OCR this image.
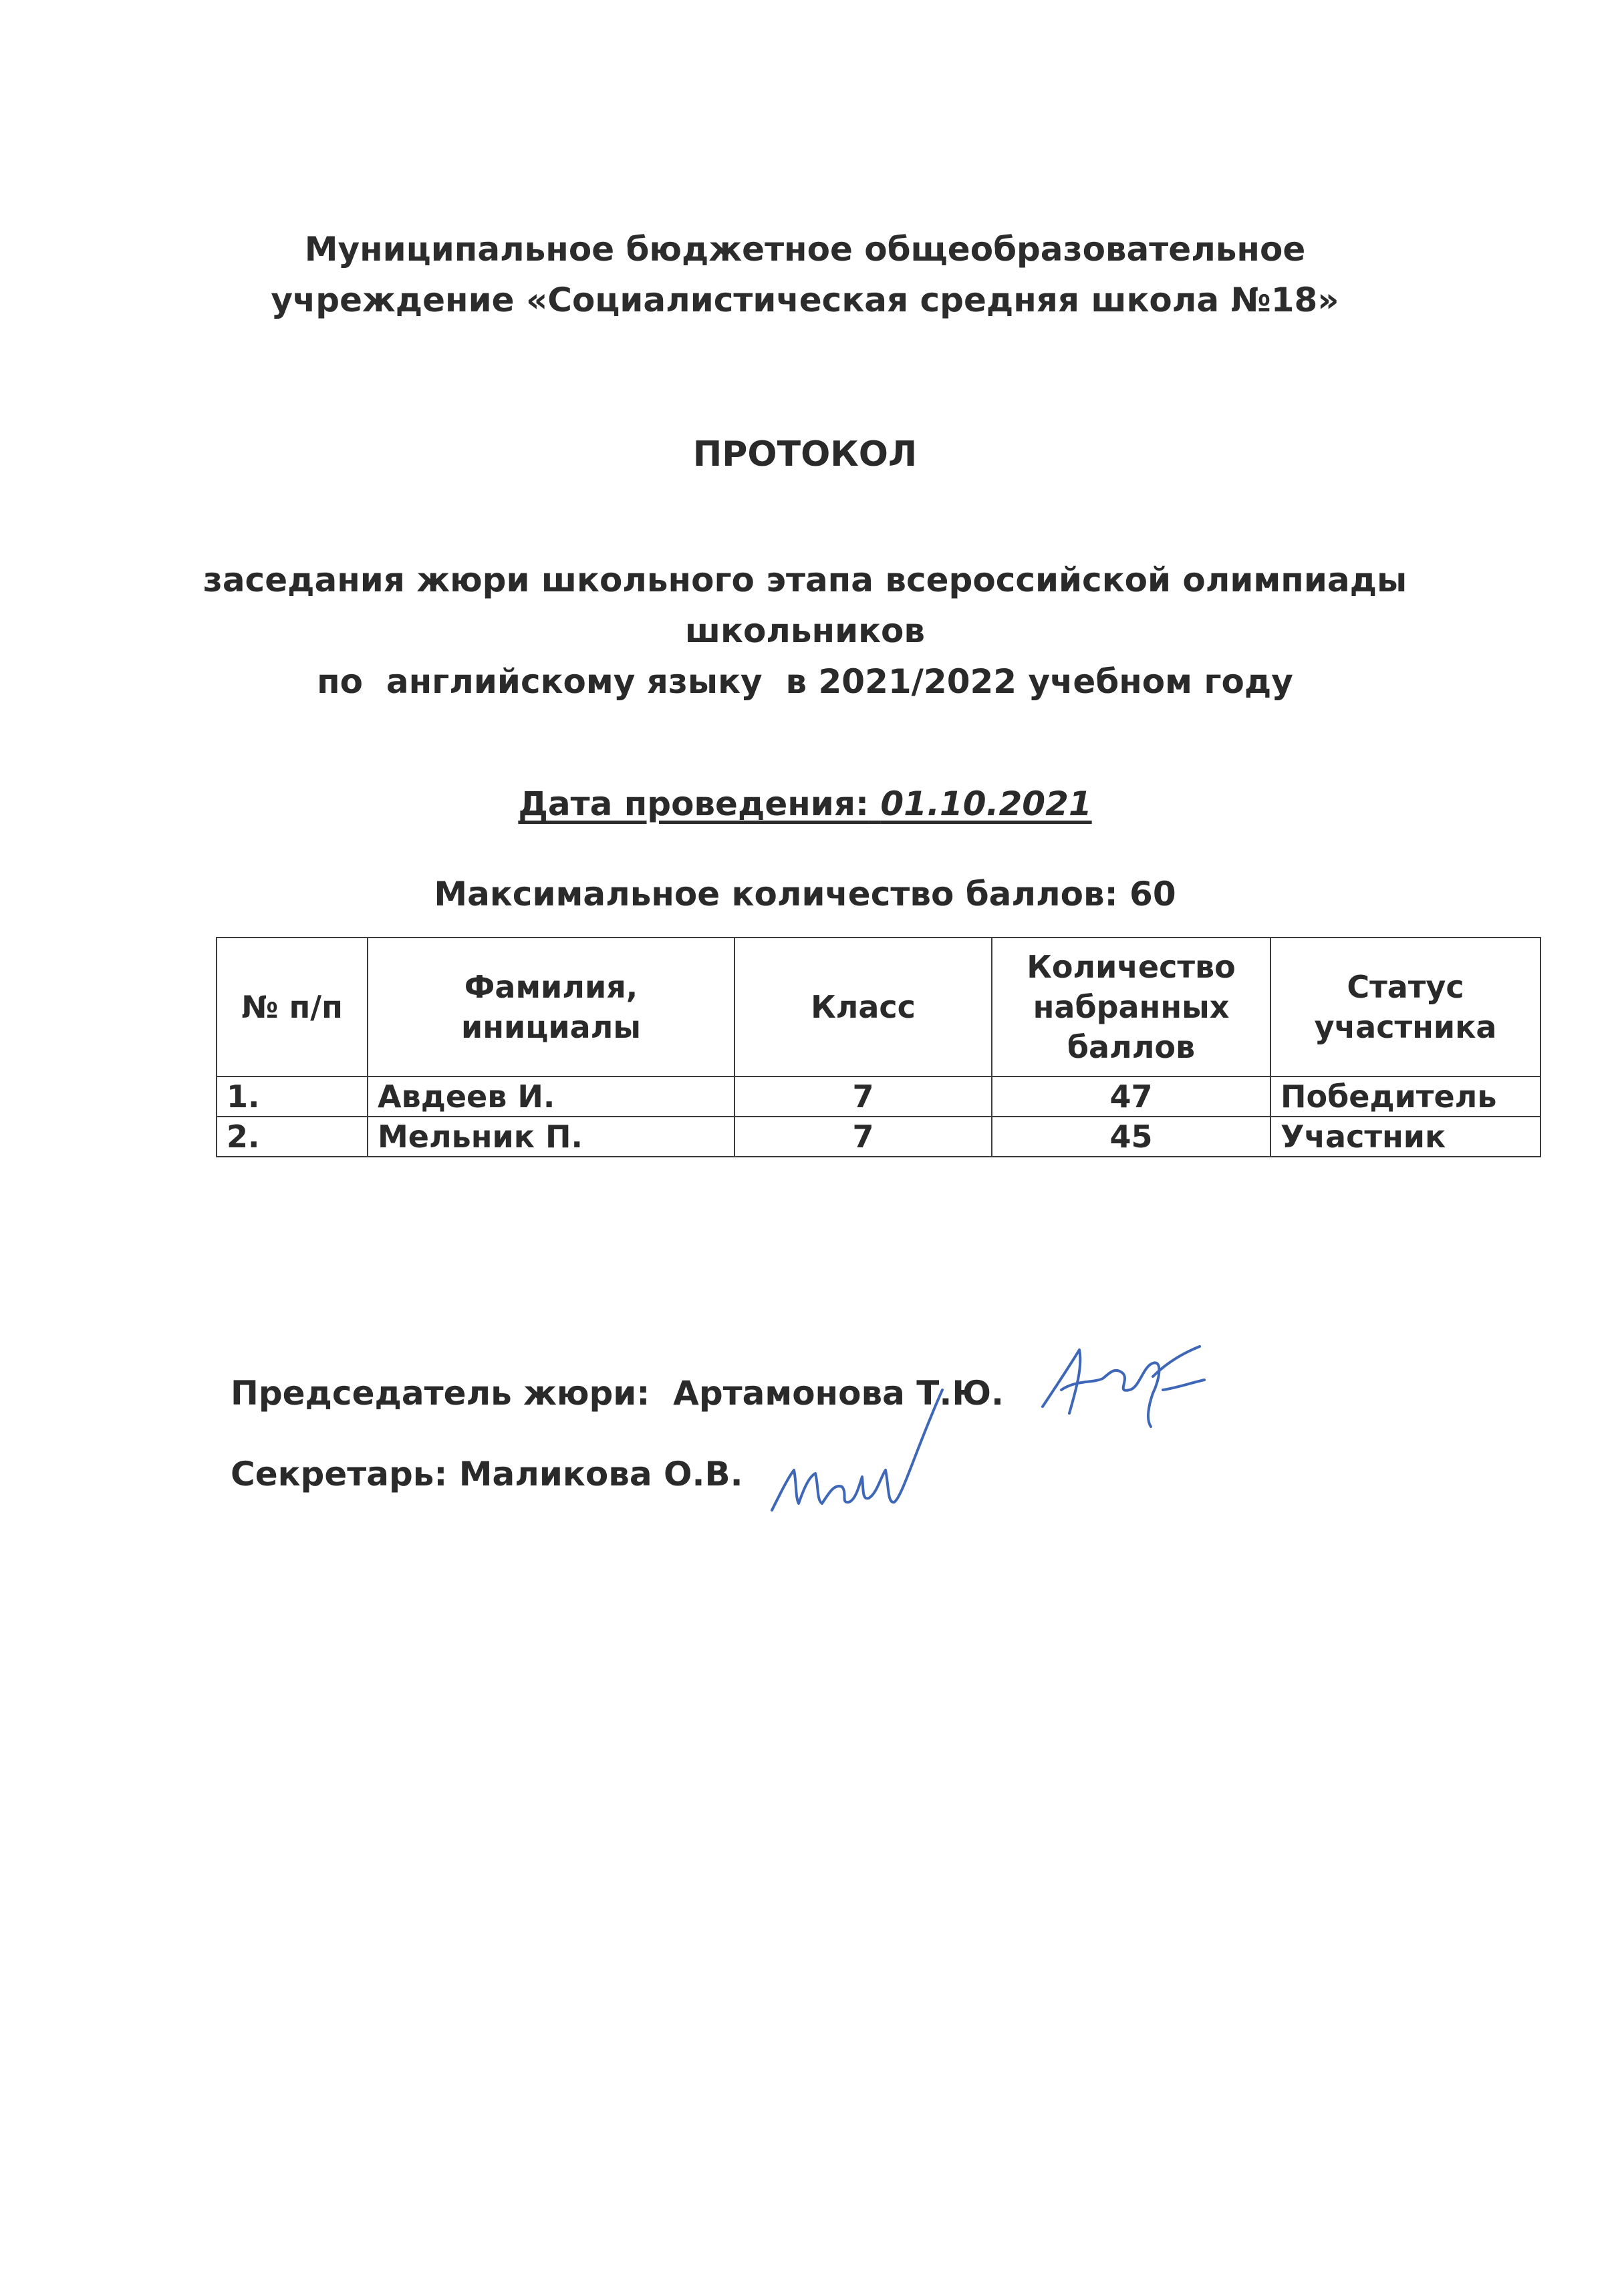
Муниципальное бюджетное общеобразовательное
учреждение «Социалистическая средняя школа №18»
ПРОТОКОЛ
заседания жюри школьного этапа всероссийской олимпиады
школьников
по  английскому языку  в 2021/2022 учебном году
Дата проведения: 01.10.2021
Максимальное количество баллов: 60
№ п/п	Фамилия, инициалы	Класс	Количество набранных баллов	Статус участника
1.	Авдеев И.	7	47	Победитель
2.	Мельник П.	7	45	Участник
Председатель жюри:  Артамонова Т.Ю.
Секретарь: Маликова О.В.
